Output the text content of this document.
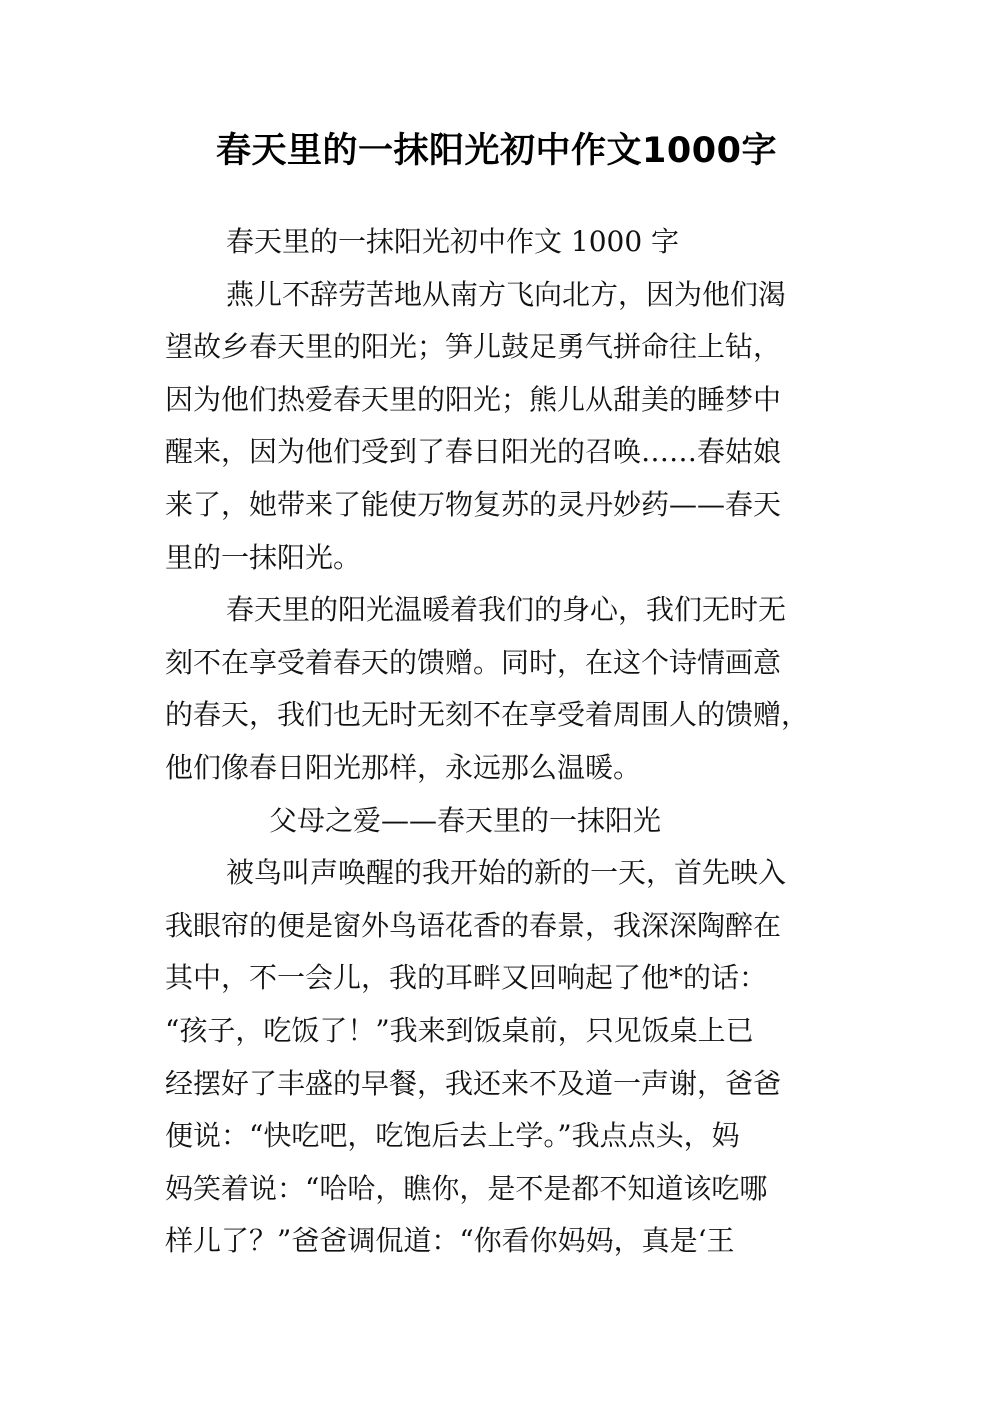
春天里的一抹阳光初中作文1000字
春天里的一抹阳光初中作文 1000 字
燕儿不辞劳苦地从南方飞向北方，因为他们渴
望故乡春天里的阳光；笋儿鼓足勇气拼命往上钻，
因为他们热爱春天里的阳光；熊儿从甜美的睡梦中
醒来，因为他们受到了春日阳光的召唤……春姑娘
来了，她带来了能使万物复苏的灵丹妙药——春天
里的一抹阳光。
春天里的阳光温暖着我们的身心，我们无时无
刻不在享受着春天的馈赠。同时，在这个诗情画意
的春天，我们也无时无刻不在享受着周围人的馈赠，
他们像春日阳光那样，永远那么温暖。
父母之爱——春天里的一抹阳光
被鸟叫声唤醒的我开始的新的一天，首先映入
我眼帘的便是窗外鸟语花香的春景，我深深陶醉在
其中，不一会儿，我的耳畔又回响起了他*的话：
“孩子，吃饭了！”我来到饭桌前，只见饭桌上已
经摆好了丰盛的早餐，我还来不及道一声谢，爸爸
便说：“快吃吧，吃饱后去上学。”我点点头，妈
妈笑着说：“哈哈，瞧你，是不是都不知道该吃哪
样儿了？”爸爸调侃道：“你看你妈妈，真是‘王
